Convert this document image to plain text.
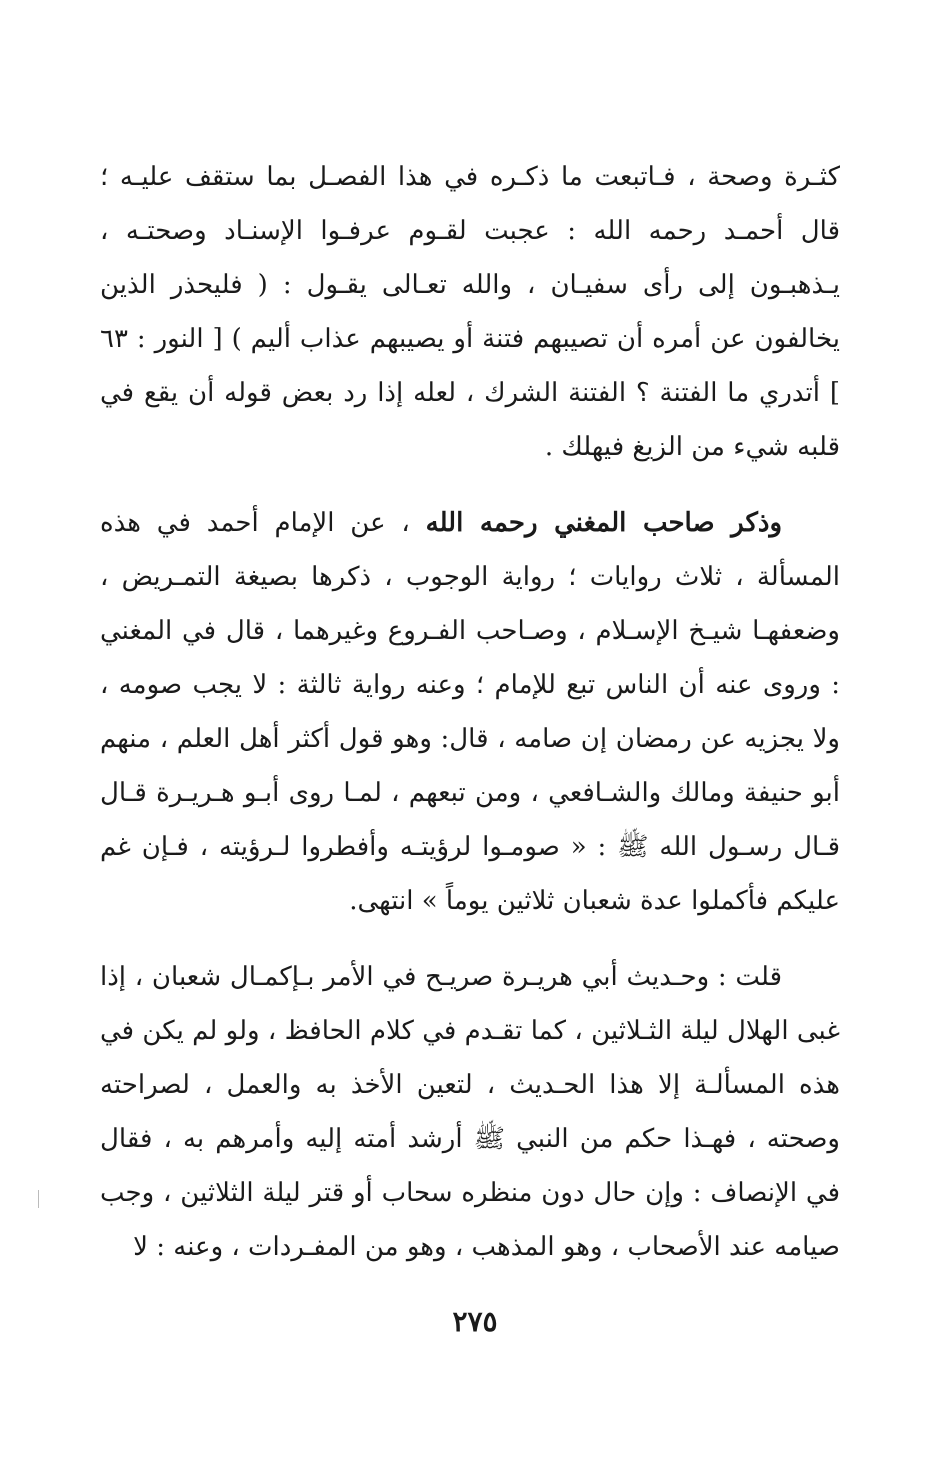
كثـرة وصحة ، فـاتبعت ما ذكـره في هذا الفصـل بما ستقف عليـه ؛ قال أحمـد رحمه الله : عجبت لقـوم عرفـوا الإسنـاد وصحتـه ، يـذهبـون إلى رأى سفيـان ، والله تعـالى يقـول : ( فليحذر الذين يخالفون عن أمره أن تصيبهم فتنة أو يصيبهم عذاب أليم ) [ النور : ٦٣ ] أتدري ما الفتنة ؟ الفتنة الشرك ، لعله إذا رد بعض قوله أن يقع في قلبه شيء من الزيغ فيهلك .

وذكر صاحب المغني رحمه الله ، عن الإمام أحمد في هذه المسألة ، ثلاث روايات ؛ رواية الوجوب ، ذكرها بصيغة التمـريض ، وضعفهـا شيـخ الإسـلام ، وصـاحب الفـروع وغيرهما ، قال في المغني : وروى عنه أن الناس تبع للإمام ؛ وعنه رواية ثالثة : لا يجب صومه ، ولا يجزيه عن رمضان إن صامه ، قال: وهو قول أكثر أهل العلم ، منهم أبو حنيفة ومالك والشـافعي ، ومن تبعهم ، لمـا روى أبـو هـريـرة قـال قـال رسـول الله ﷺ : « صومـوا لرؤيتـه وأفطروا لـرؤيته ، فـإن غم عليكم فأكملوا عدة شعبان ثلاثين يوماً » انتهى.

قلت : وحـديث أبي هريـرة صريـح في الأمر بـإكمـال شعبان ، إذا غبى الهلال ليلة الثـلاثين ، كما تقـدم في كلام الحافظ ، ولو لم يكن في هذه المسألـة إلا هذا الحـديث ، لتعين الأخذ به والعمل ، لصراحته وصحته ، فهـذا حكم من النبي ﷺ أرشد أمته إليه وأمرهم به ، فقال في الإنصاف : وإن حال دون منظره سحاب أو قتر ليلة الثلاثين ، وجب صيامه عند الأصحاب ، وهو المذهب ، وهو من المفـردات ، وعنه : لا

٢٧٥
